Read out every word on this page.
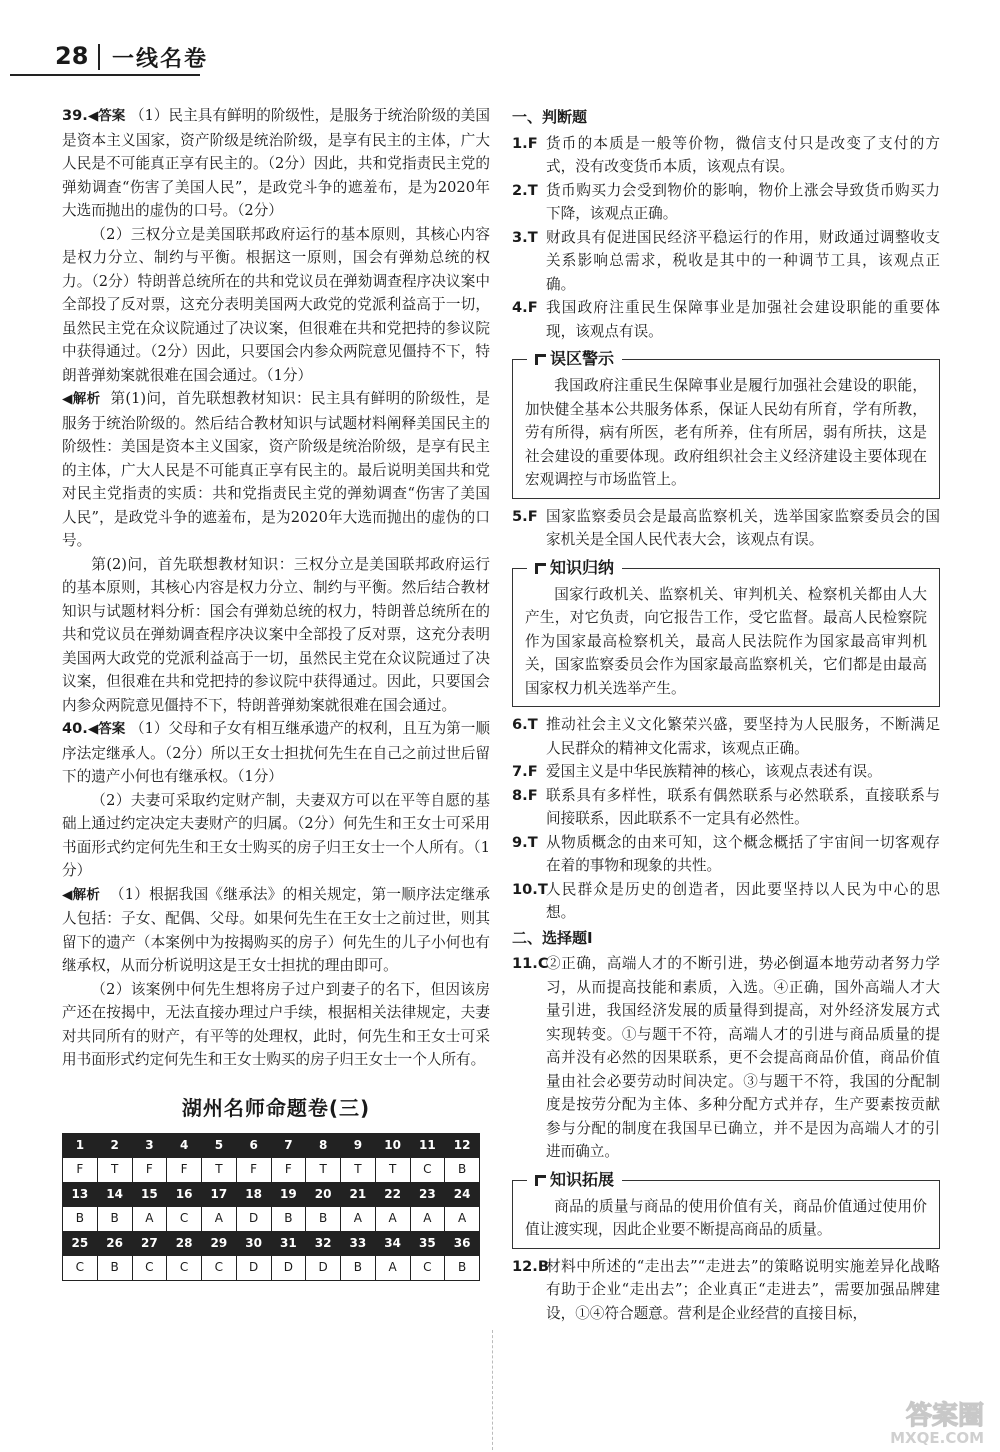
28 一线名卷

39.◀答案 （1）民主具有鲜明的阶级性，是服务于统治阶级的美国是资本主义国家，资产阶级是统治阶级，是享有民主的主体，广大人民是不可能真正享有民主的。（2分）因此，共和党指责民主党的弹劾调查“伤害了美国人民”，是政党斗争的遮羞布，是为2020年大选而抛出的虚伪的口号。（2分）

（2）三权分立是美国联邦政府运行的基本原则，其核心内容是权力分立、制约与平衡。根据这一原则，国会有弹劾总统的权力。（2分）特朗普总统所在的共和党议员在弹劾调查程序决议案中全部投了反对票，这充分表明美国两大政党的党派利益高于一切，虽然民主党在众议院通过了决议案，但很难在共和党把持的参议院中获得通过。（2分）因此，只要国会内参众两院意见僵持不下，特朗普弹劾案就很难在国会通过。（1分）

◀解析 第(1)问，首先联想教材知识：民主具有鲜明的阶级性，是服务于统治阶级的。然后结合教材知识与试题材料阐释美国民主的阶级性：美国是资本主义国家，资产阶级是统治阶级，是享有民主的主体，广大人民是不可能真正享有民主的。最后说明美国共和党对民主党指责的实质：共和党指责民主党的弹劾调查“伤害了美国人民”，是政党斗争的遮羞布，是为2020年大选而抛出的虚伪的口号。

第(2)问，首先联想教材知识：三权分立是美国联邦政府运行的基本原则，其核心内容是权力分立、制约与平衡。然后结合教材知识与试题材料分析：国会有弹劾总统的权力，特朗普总统所在的共和党议员在弹劾调查程序决议案中全部投了反对票，这充分表明美国两大政党的党派利益高于一切，虽然民主党在众议院通过了决议案，但很难在共和党把持的参议院中获得通过。因此，只要国会内参众两院意见僵持不下，特朗普弹劾案就很难在国会通过。

40.◀答案 （1）父母和子女有相互继承遗产的权利，且互为第一顺序法定继承人。（2分）所以王女士担扰何先生在自己之前过世后留下的遗产小何也有继承权。（1分）

（2）夫妻可采取约定财产制，夫妻双方可以在平等自愿的基础上通过约定决定夫妻财产的归属。（2分）何先生和王女士可采用书面形式约定何先生和王女士购买的房子归王女士一个人所有。（1分）

◀解析 （1）根据我国《继承法》的相关规定，第一顺序法定继承人包括：子女、配偶、父母。如果何先生在王女士之前过世，则其留下的遗产（本案例中为按揭购买的房子）何先生的儿子小何也有继承权，从而分析说明这是王女士担扰的理由即可。

（2）该案例中何先生想将房子过户到妻子的名下，但因该房产还在按揭中，无法直接办理过户手续，根据相关法律规定，夫妻对共同所有的财产，有平等的处理权，此时，何先生和王女士可采用书面形式约定何先生和王女士购买的房子归王女士一个人所有。

湖州名师命题卷(三)
1	2	3	4	5	6	7	8	9	10	11	12
F	T	F	F	T	F	F	T	T	T	C	B
13	14	15	16	17	18	19	20	21	22	23	24
B	B	A	C	A	D	B	B	A	A	A	A
25	26	27	28	29	30	31	32	33	34	35	36
C	B	C	C	C	D	D	D	B	A	C	B
一、判断题
1.F 货币的本质是一般等价物，微信支付只是改变了支付的方式，没有改变货币本质，该观点有误。
2.T 货币购买力会受到物价的影响，物价上涨会导致货币购买力下降，该观点正确。
3.T 财政具有促进国民经济平稳运行的作用，财政通过调整收支关系影响总需求，税收是其中的一种调节工具，该观点正确。
4.F 我国政府注重民生保障事业是加强社会建设职能的重要体现，该观点有误。
误区警示

我国政府注重民生保障事业是履行加强社会建设的职能，加快健全基本公共服务体系，保证人民幼有所育，学有所教，劳有所得，病有所医，老有所养，住有所居，弱有所扶，这是社会建设的重要体现。政府组织社会主义经济建设主要体现在宏观调控与市场监管上。

5.F 国家监察委员会是最高监察机关，选举国家监察委员会的国家机关是全国人民代表大会，该观点有误。
知识归纳

国家行政机关、监察机关、审判机关、检察机关都由人大产生，对它负责，向它报告工作，受它监督。最高人民检察院作为国家最高检察机关，最高人民法院作为国家最高审判机关，国家监察委员会作为国家最高监察机关，它们都是由最高国家权力机关选举产生。

6.T 推动社会主义文化繁荣兴盛，要坚持为人民服务，不断满足人民群众的精神文化需求，该观点正确。
7.F 爱国主义是中华民族精神的核心，该观点表述有误。
8.F 联系具有多样性，联系有偶然联系与必然联系，直接联系与间接联系，因此联系不一定具有必然性。
9.T 从物质概念的由来可知，这个概念概括了宇宙间一切客观存在着的事物和现象的共性。
10.T
人民群众是历史的创造者，因此要坚持以人民为中心的思想。
二、选择题Ⅰ
11.C
②正确，高端人才的不断引进，势必倒逼本地劳动者努力学习，从而提高技能和素质，入选。④正确，国外高端人才大量引进，我国经济发展的质量得到提高，对外经济发展方式实现转变。①与题干不符，高端人才的引进与商品质量的提高并没有必然的因果联系，更不会提高商品价值，商品价值量由社会必要劳动时间决定。③与题干不符，我国的分配制度是按劳分配为主体、多种分配方式并存，生产要素按贡献参与分配的制度在我国早已确立，并不是因为高端人才的引进而确立。
知识拓展

商品的质量与商品的使用价值有关，商品价值通过使用价值让渡实现，因此企业要不断提高商品的质量。

12.B
材料中所述的“走出去”“走进去”的策略说明实施差异化战略有助于企业“走出去”；企业真正“走进去”，需要加强品牌建设，①④符合题意。营利是企业经营的直接目标，
答案圈
MXQE.COM
